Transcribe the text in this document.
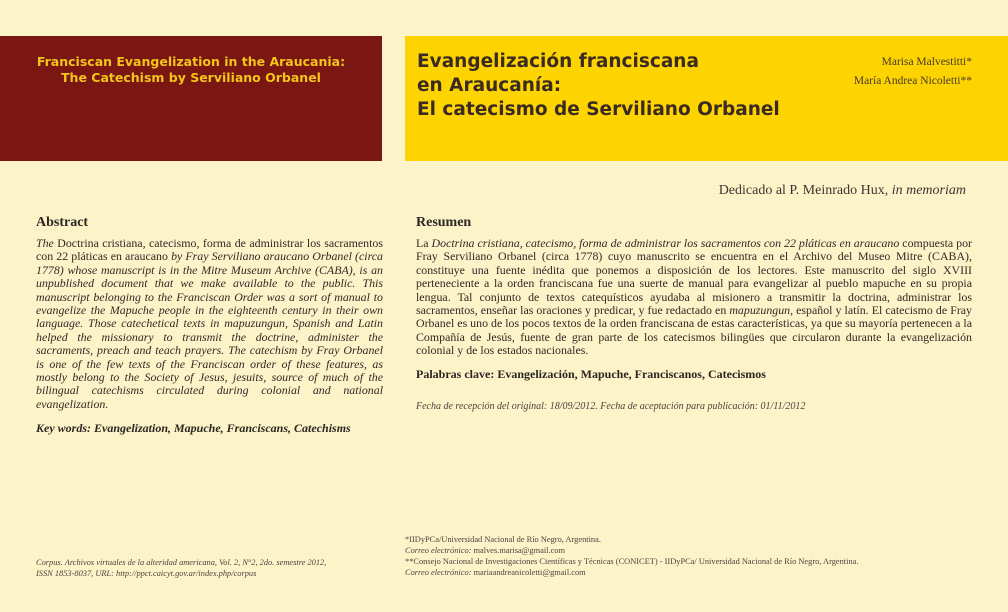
Franciscan Evangelization in the Araucania:
The Catechism by Serviliano Orbanel
Evangelización franciscana
en Araucanía:
El catecismo de Serviliano Orbanel
Marisa Malvestitti*
María Andrea Nicoletti**
Dedicado al P. Meinrado Hux, in memoriam
Abstract

The Doctrina cristiana, catecismo, forma de administrar los sacramentos con 22 pláticas en araucano by Fray Serviliano araucano Orbanel (circa 1778) whose manuscript is in the Mitre Museum Archive (CABA), is an unpublished document that we make available to the public. This manuscript belonging to the Franciscan Order was a sort of manual to evangelize the Mapuche people in the eighteenth century in their own language. Those catechetical texts in mapuzungun, Spanish and Latin helped the missionary to transmit the doctrine, administer the sacraments, preach and teach prayers. The catechism by Fray Orbanel is one of the few texts of the Franciscan order of these features, as mostly belong to the Society of Jesus, jesuits, source of much of the bilingual catechisms circulated during colonial and national evangelization.

Key words: Evangelization, Mapuche, Franciscans, Catechisms

Resumen

La Doctrina cristiana, catecismo, forma de administrar los sacramentos con 22 pláticas en araucano compuesta por Fray Serviliano Orbanel (circa 1778) cuyo manuscrito se encuentra en el Archivo del Museo Mitre (CABA), constituye una fuente inédita que ponemos a disposición de los lectores. Este manuscrito del siglo XVIII perteneciente a la orden franciscana fue una suerte de manual para evangelizar al pueblo mapuche en su propia lengua. Tal conjunto de textos catequísticos ayudaba al misionero a transmitir la doctrina, administrar los sacramentos, enseñar las oraciones y predicar, y fue redactado en mapuzungun, español y latín. El catecismo de Fray Orbanel es uno de los pocos textos de la orden franciscana de estas características, ya que su mayoría pertenecen a la Compañía de Jesús, fuente de gran parte de los catecismos bilingües que circularon durante la evangelización colonial y de los estados nacionales.

Palabras clave: Evangelización, Mapuche, Franciscanos, Catecismos

Fecha de recepción del original: 18/09/2012. Fecha de aceptación para publicación: 01/11/2012

Corpus. Archivos virtuales de la alteridad americana, Vol. 2, N°2, 2do. semestre 2012,
ISSN 1853-8037, URL: http://ppct.caicyt.gov.ar/index.php/corpus
*IIDyPCa/Universidad Nacional de Río Negro, Argentina.
Correo electrónico: malves.marisa@gmail.com
**Consejo Nacional de Investigaciones Científicas y Técnicas (CONICET) - IIDyPCa/ Universidad Nacional de Río Negro, Argentina.
Correo electrónico: mariaandreanicoletti@gmail.com
